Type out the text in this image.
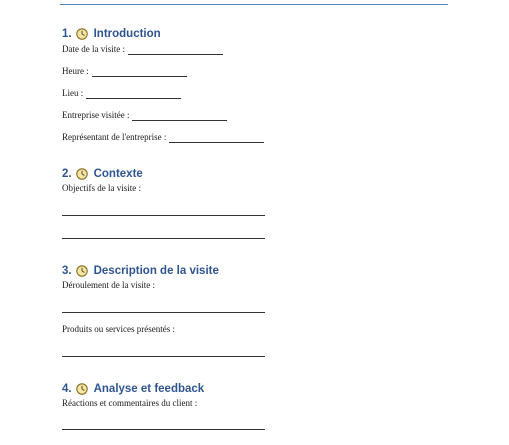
1. Introduction
Date de la visite :
Heure :
Lieu :
Entreprise visitée :
Représentant de l'entreprise :
2. Contexte
Objectifs de la visite :
3. Description de la visite
Déroulement de la visite :
Produits ou services présentés :
4. Analyse et feedback
Réactions et commentaires du client :
